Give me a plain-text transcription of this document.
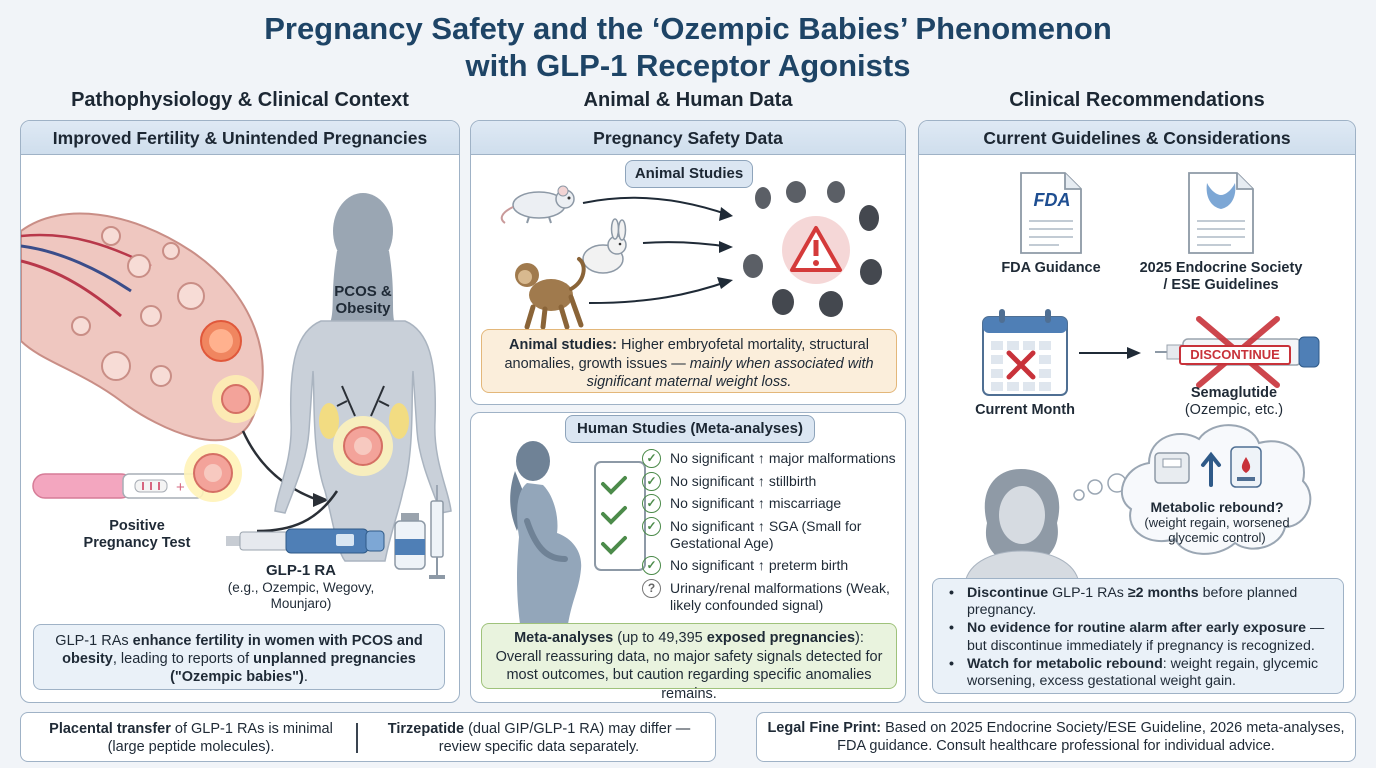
Pregnancy Safety and the ‘Ozempic Babies’ Phenomenon
with GLP-1 Receptor Agonists
Pathophysiology & Clinical Context	Animal & Human Data	Clinical Recommendations
Improved Fertility & Unintended Pregnancies
PCOS &
Obesity
+
Positive
Pregnancy Test
GLP-1 RA
(e.g., Ozempic, Wegovy,
Mounjaro)
GLP-1 RAs enhance fertility in women with PCOS and obesity, leading to reports of unplanned pregnancies ("Ozempic babies").
Pregnancy Safety Data
Animal Studies
Animal studies: Higher embryofetal mortality, structural anomalies, growth issues — mainly when associated with significant maternal weight loss.
Human Studies (Meta-analyses)
Meta-analyses (up to 49,395 exposed pregnancies): Overall reassuring data, no major safety signals detected for most outcomes, but caution regarding specific anomalies remains.
✓ No significant ↑ major malformations
✓ No significant ↑ stillbirth
✓ No significant ↑ miscarriage
✓ No significant ↑ SGA (Small for Gestational Age)
✓ No significant ↑ preterm birth
?	Urinary/renal malformations (Weak, likely confounded signal)
Current Guidelines & Considerations
FDA
FDA Guidance	2025 Endocrine Society
/ ESE Guidelines
Current Month
DISCONTINUE
Semaglutide
(Ozempic, etc.)
Metabolic rebound?
(weight regain, worsened
glycemic control)
• Discontinue GLP-1 RAs ≥2 months before planned pregnancy.
• No evidence for routine alarm after early exposure — but discontinue immediately if pregnancy is recognized.
• Watch for metabolic rebound: weight regain, glycemic worsening, excess gestational weight gain.
Placental transfer of GLP-1 RAs is minimal (large peptide molecules).
Tirzepatide (dual GIP/GLP-1 RA) may differ — review specific data separately.
Legal Fine Print: Based on 2025 Endocrine Society/ESE Guideline, 2026 meta-analyses, FDA guidance. Consult healthcare professional for individual advice.
